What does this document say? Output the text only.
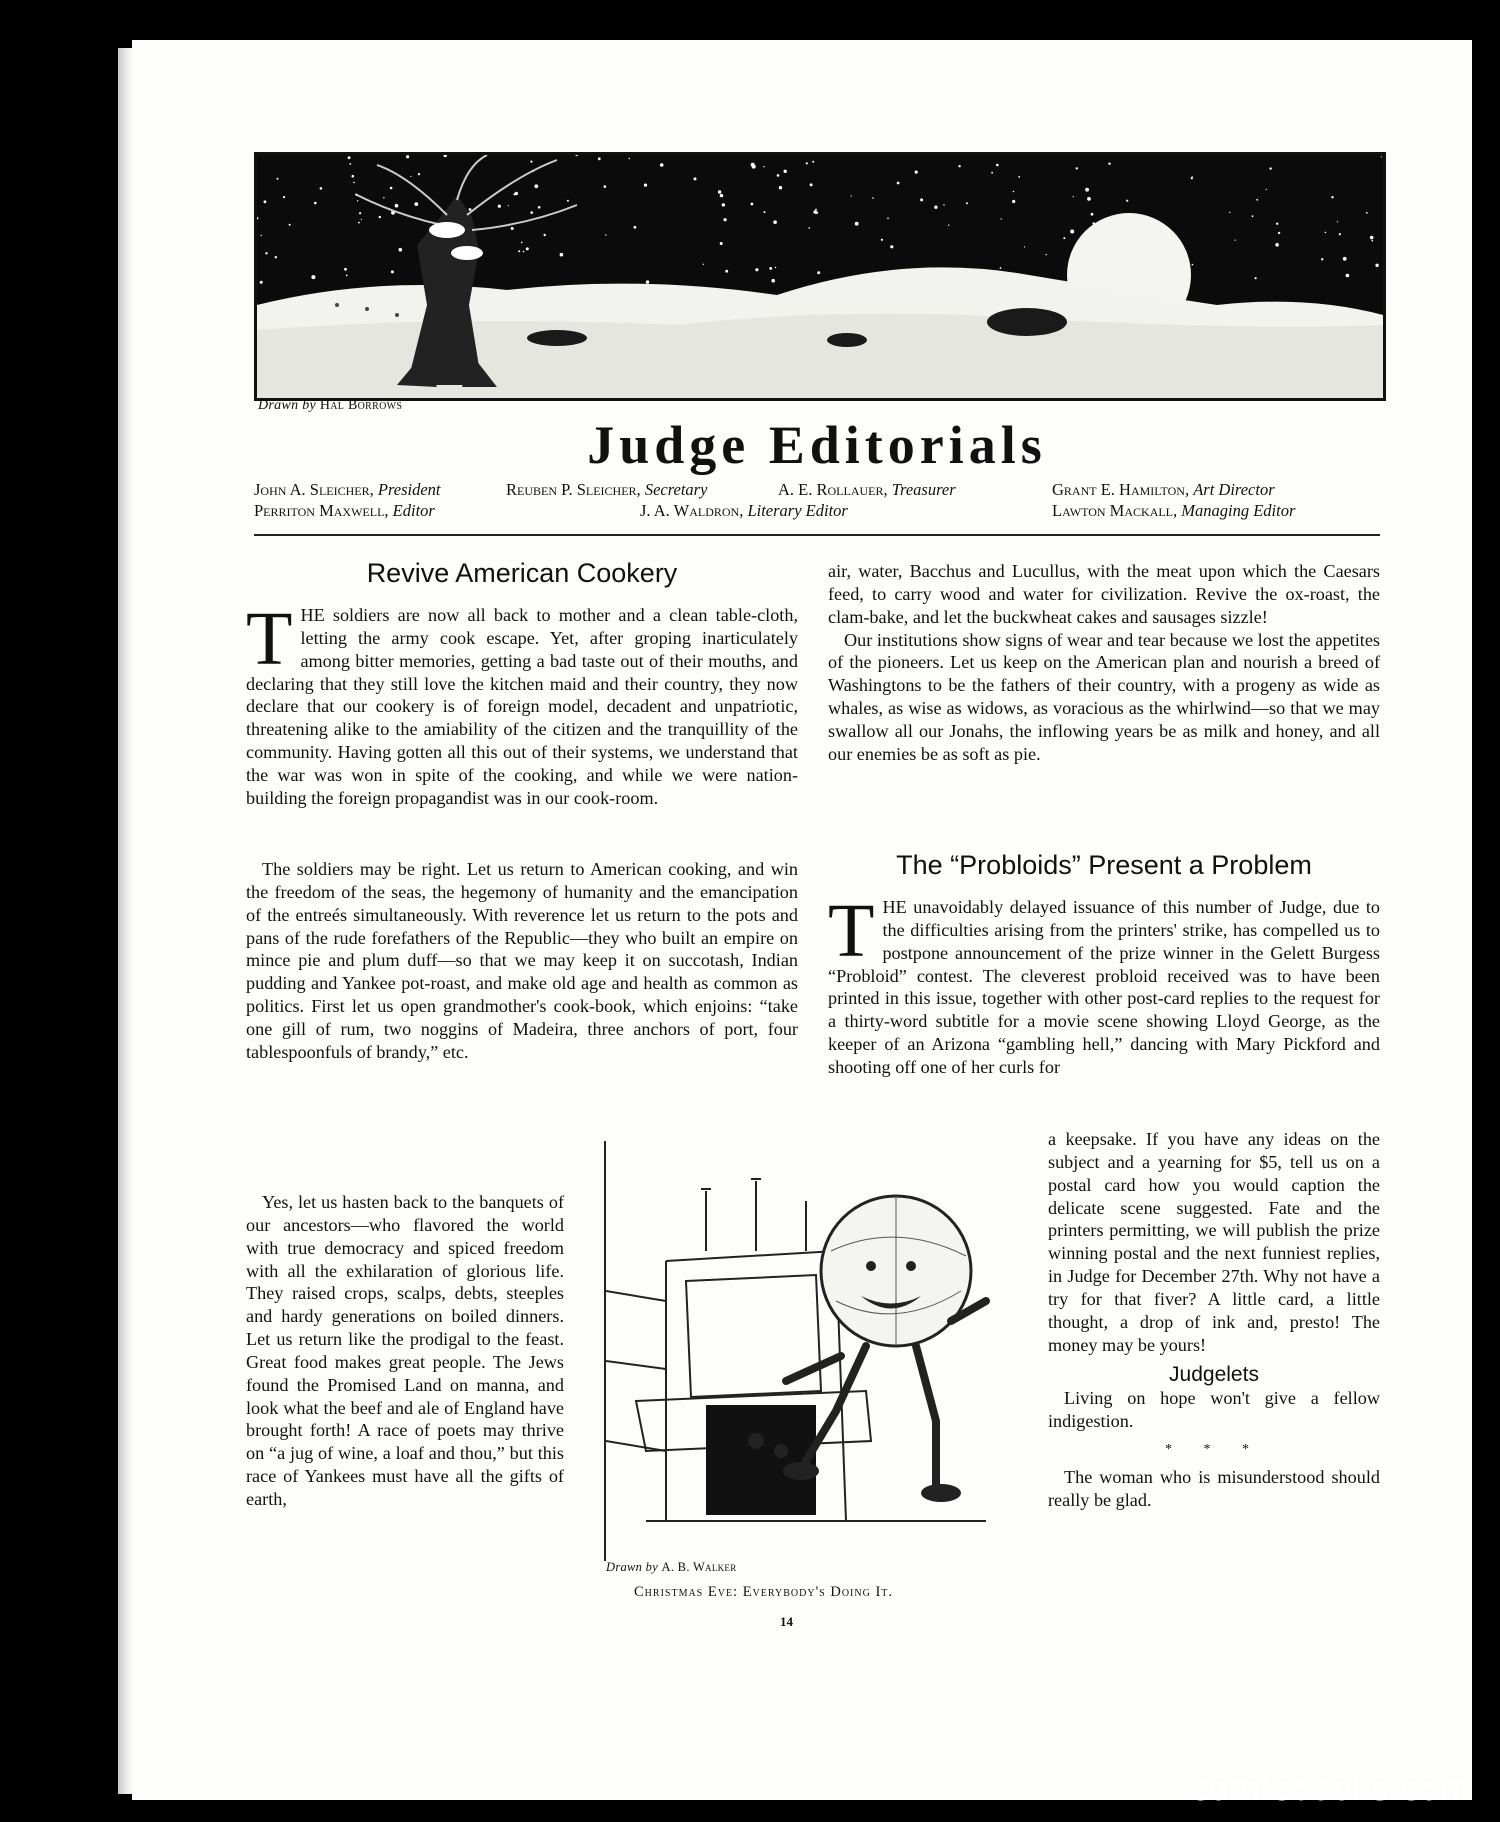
Drawn by Hal Borrows
Judge Editorials
John A. Sleicher, President	Reuben P. Sleicher, Secretary	A. E. Rollauer, Treasurer	Grant E. Hamilton, Art Director
Perriton Maxwell, Editor	J. A. Waldron, Literary Editor	Lawton Mackall, Managing Editor
Revive American Cookery

THE soldiers are now all back to mother and a clean table-cloth, letting the army cook escape. Yet, after groping inarticulately among bitter memories, getting a bad taste out of their mouths, and declaring that they still love the kitchen maid and their country, they now declare that our cookery is of foreign model, decadent and unpatriotic, threatening alike to the amiability of the citizen and the tranquillity of the community. Having gotten all this out of their systems, we understand that the war was won in spite of the cooking, and while we were nation-building the foreign propagandist was in our cook-room.

The soldiers may be right. Let us return to American cooking, and win the freedom of the seas, the hegemony of humanity and the emancipation of the entreés simultaneously. With reverence let us return to the pots and pans of the rude forefathers of the Republic—they who built an empire on mince pie and plum duff—so that we may keep it on succotash, Indian pudding and Yankee pot-roast, and make old age and health as common as politics. First let us open grandmother's cook-book, which enjoins: “take one gill of rum, two noggins of Madeira, three anchors of port, four tablespoonfuls of brandy,” etc.

Yes, let us hasten back to the banquets of our ancestors—who flavored the world with true democracy and spiced freedom with all the exhilaration of glorious life. They raised crops, scalps, debts, steeples and hardy generations on boiled dinners. Let us return like the prodigal to the feast. Great food makes great people. The Jews found the Promised Land on manna, and look what the beef and ale of England have brought forth! A race of poets may thrive on “a jug of wine, a loaf and thou,” but this race of Yankees must have all the gifts of earth,

air, water, Bacchus and Lucullus, with the meat upon which the Caesars feed, to carry wood and water for civilization. Revive the ox-roast, the clam-bake, and let the buckwheat cakes and sausages sizzle!

Our institutions show signs of wear and tear because we lost the appetites of the pioneers. Let us keep on the American plan and nourish a breed of Washingtons to be the fathers of their country, with a progeny as wide as whales, as wise as widows, as voracious as the whirlwind—so that we may swallow all our Jonahs, the inflowing years be as milk and honey, and all our enemies be as soft as pie.

The “Probloids” Present a Problem

THE unavoidably delayed issuance of this number of Judge, due to the difficulties arising from the printers' strike, has compelled us to postpone announcement of the prize winner in the Gelett Burgess “Probloid” contest. The cleverest probloid received was to have been printed in this issue, together with other post-card replies to the request for a thirty-word subtitle for a movie scene showing Lloyd George, as the keeper of an Arizona “gambling hell,” dancing with Mary Pickford and shooting off one of her curls for

a keepsake. If you have any ideas on the subject and a yearning for $5, tell us on a postal card how you would caption the delicate scene suggested. Fate and the printers permitting, we will publish the prize winning postal and the next funniest replies, in Judge for December 27th. Why not have a try for that fiver? A little card, a little thought, a drop of ink and, presto! The money may be yours!

Judgelets

Living on hope won't give a fellow indigestion.

* * *

The woman who is misunderstood should really be glad.

Drawn by A. B. Walker
Christmas Eve: Everybody's Doing It.
14
comicbooks.com
